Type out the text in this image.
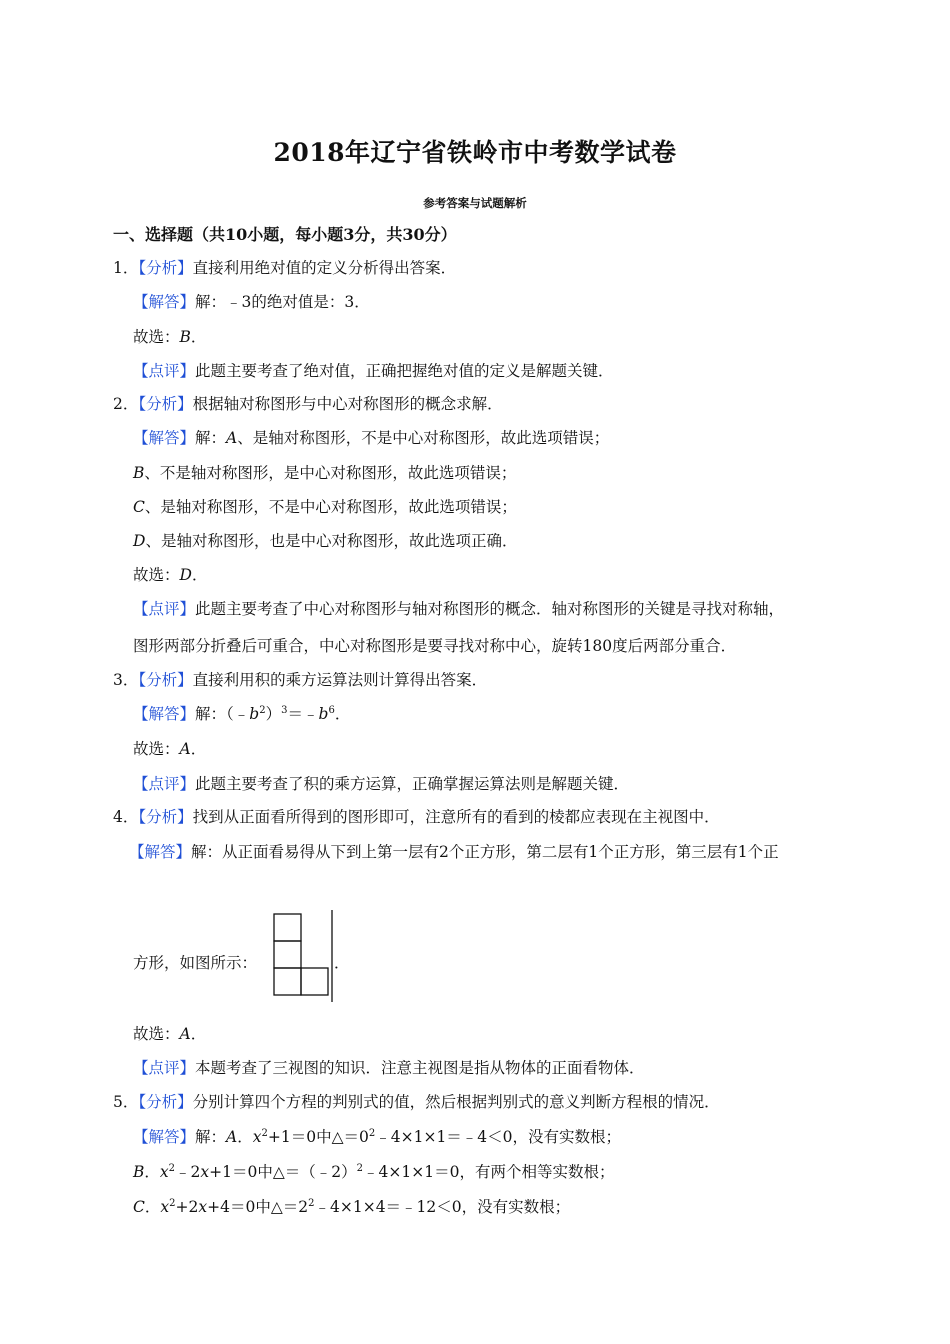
2018年辽宁省铁岭市中考数学试卷
参考答案与试题解析
一、选择题（共10小题，每小题3分，共30分）
1．【分析】直接利用绝对值的定义分析得出答案．
【解答】解：﹣3的绝对值是：3．
故选：B．
【点评】此题主要考查了绝对值，正确把握绝对值的定义是解题关键．
2．【分析】根据轴对称图形与中心对称图形的概念求解．
【解答】解：A、是轴对称图形，不是中心对称图形，故此选项错误；
B、不是轴对称图形，是中心对称图形，故此选项错误；
C、是轴对称图形，不是中心对称图形，故此选项错误；
D、是轴对称图形，也是中心对称图形，故此选项正确．
故选：D．
【点评】此题主要考查了中心对称图形与轴对称图形的概念．轴对称图形的关键是寻找对称轴，
图形两部分折叠后可重合，中心对称图形是要寻找对称中心，旋转180度后两部分重合．
3．【分析】直接利用积的乘方运算法则计算得出答案．
【解答】解：$(﹣b^2)^3=﹣b^6$．
故选：A．
【点评】此题主要考查了积的乘方运算，正确掌握运算法则是解题关键．
4．【分析】找到从正面看所得到的图形即可，注意所有的看到的棱都应表现在主视图中．
【解答】解：从正面看易得从下到上第一层有2个正方形，第二层有1个正方形，第三层有1个正
方形，如图所示：	．
故选：A．
【点评】本题考查了三视图的知识．注意主视图是指从物体的正面看物体．
5．【分析】分别计算四个方程的判别式的值，然后根据判别式的意义判断方程根的情况．
【解答】解：A．$x^2+1=0$中$\triangle=0^2﹣4\times 1\times 1=﹣4<0$，没有实数根；
B．$x^2﹣2x+1=0$中△＝（﹣2）$^2$﹣4×1×1＝0，有两个相等实数根；
C．$x^2+2x+4=0$中$\triangle=2^2﹣4\times 1\times 4=﹣12<0$，没有实数根；
